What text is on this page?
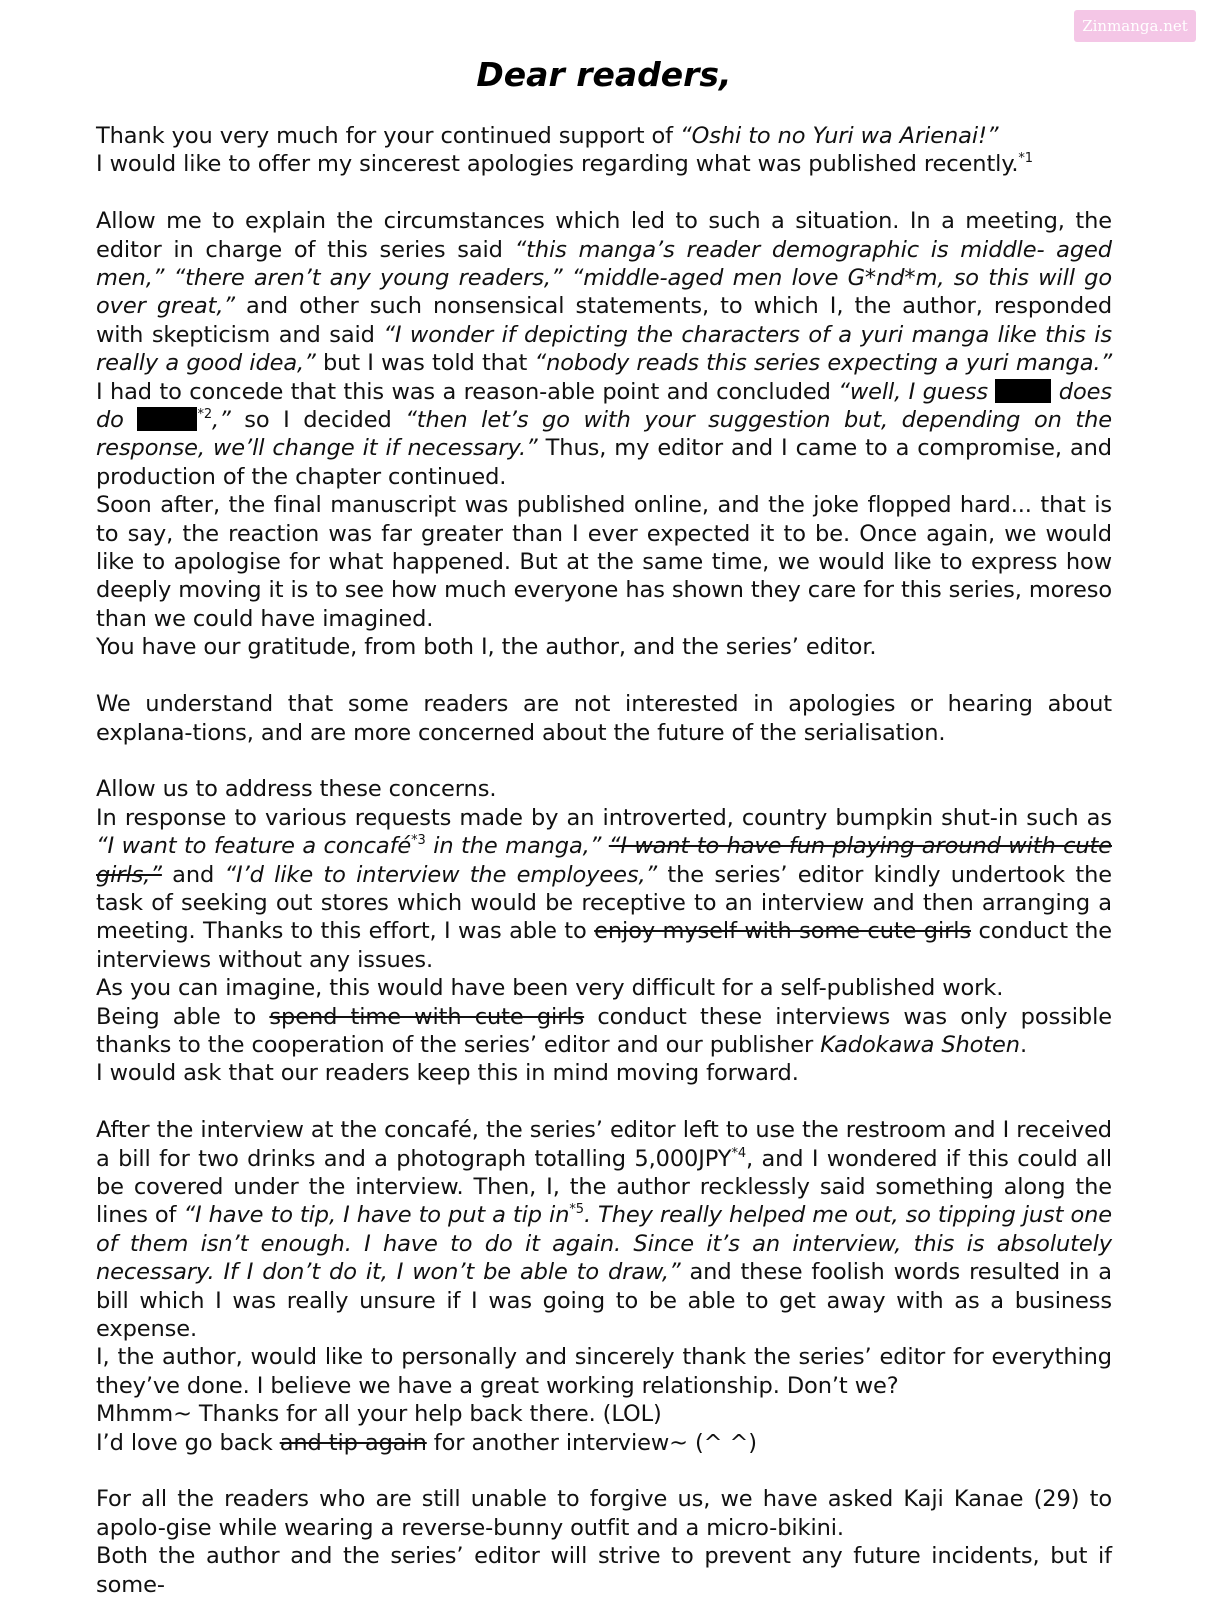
Zinmanga.net
Dear readers,

Thank you very much for your continued support of “Oshi to no Yuri wa Arienai!”

I would like to offer my sincerest apologies regarding what was published recently.$^{*1}$

Allow me to explain the circumstances which led to such a situation. In a meeting, the editor in charge of this series said “this manga’s reader demographic is middle- aged men,” “there aren’t any young readers,” “middle-aged men love G*nd*m, so this will go over great,” and other such nonsensical statements, to which I, the author, responded with skepticism and said “I wonder if depicting the characters of a yuri manga like this is really a good idea,” but I was told that “nobody reads this series expecting a yuri manga.” I had to concede that this was a reason-able point and concluded “well, I guess  does do	$^{*2}$,” so I decided “then let’s go with your suggestion but, depending on the response, we’ll change it if necessary.” Thus, my editor and I came to a compromise, and production of the chapter continued.

Soon after, the final manuscript was published online, and the joke flopped hard... that is to say, the reaction was far greater than I ever expected it to be. Once again, we would like to apologise for what happened. But at the same time, we would like to express how deeply moving it is to see how much everyone has shown they care for this series, moreso than we could have imagined.

You have our gratitude, from both I, the author, and the series’ editor.

We understand that some readers are not interested in apologies or hearing about explana-tions, and are more concerned about the future of the serialisation.

Allow us to address these concerns.

In response to various requests made by an introverted, country bumpkin shut-in such as “I want to feature a concafé$^{*3}$ in the manga,” “I want to have fun playing around with cute girls,” and “I’d like to interview the employees,” the series’ editor kindly undertook the task of seeking out stores which would be receptive to an interview and then arranging a meeting. Thanks to this effort, I was able to enjoy myself with some cute girls conduct the interviews without any issues.

As you can imagine, this would have been very difficult for a self-published work.

Being able to spend time with cute girls conduct these interviews was only possible thanks to the cooperation of the series’ editor and our publisher Kadokawa Shoten.

I would ask that our readers keep this in mind moving forward.

After the interview at the concafé, the series’ editor left to use the restroom and I received a bill for two drinks and a photograph totalling 5,000JPY$^{*4}$, and I wondered if this could all be covered under the interview. Then, I, the author recklessly said something along the lines of “I have to tip, I have to put a tip $in^{*5}$. They really helped me out, so tipping just one of them isn’t enough. I have to do it again. Since it’s an interview, this is absolutely necessary. If I don’t do it, I won’t be able to draw,” and these foolish words resulted in a bill which I was really unsure if I was going to be able to get away with as a business expense.

I, the author, would like to personally and sincerely thank the series’ editor for everything they’ve done. I believe we have a great working relationship. Don’t we?

Mhmm~ Thanks for all your help back there. (LOL)

I’d love go back and tip again for another interview~ (^ ^)

For all the readers who are still unable to forgive us, we have asked Kaji Kanae (29) to apolo-gise while wearing a reverse-bunny outfit and a micro-bikini.

Both the author and the series’ editor will strive to prevent any future incidents, but if some-
